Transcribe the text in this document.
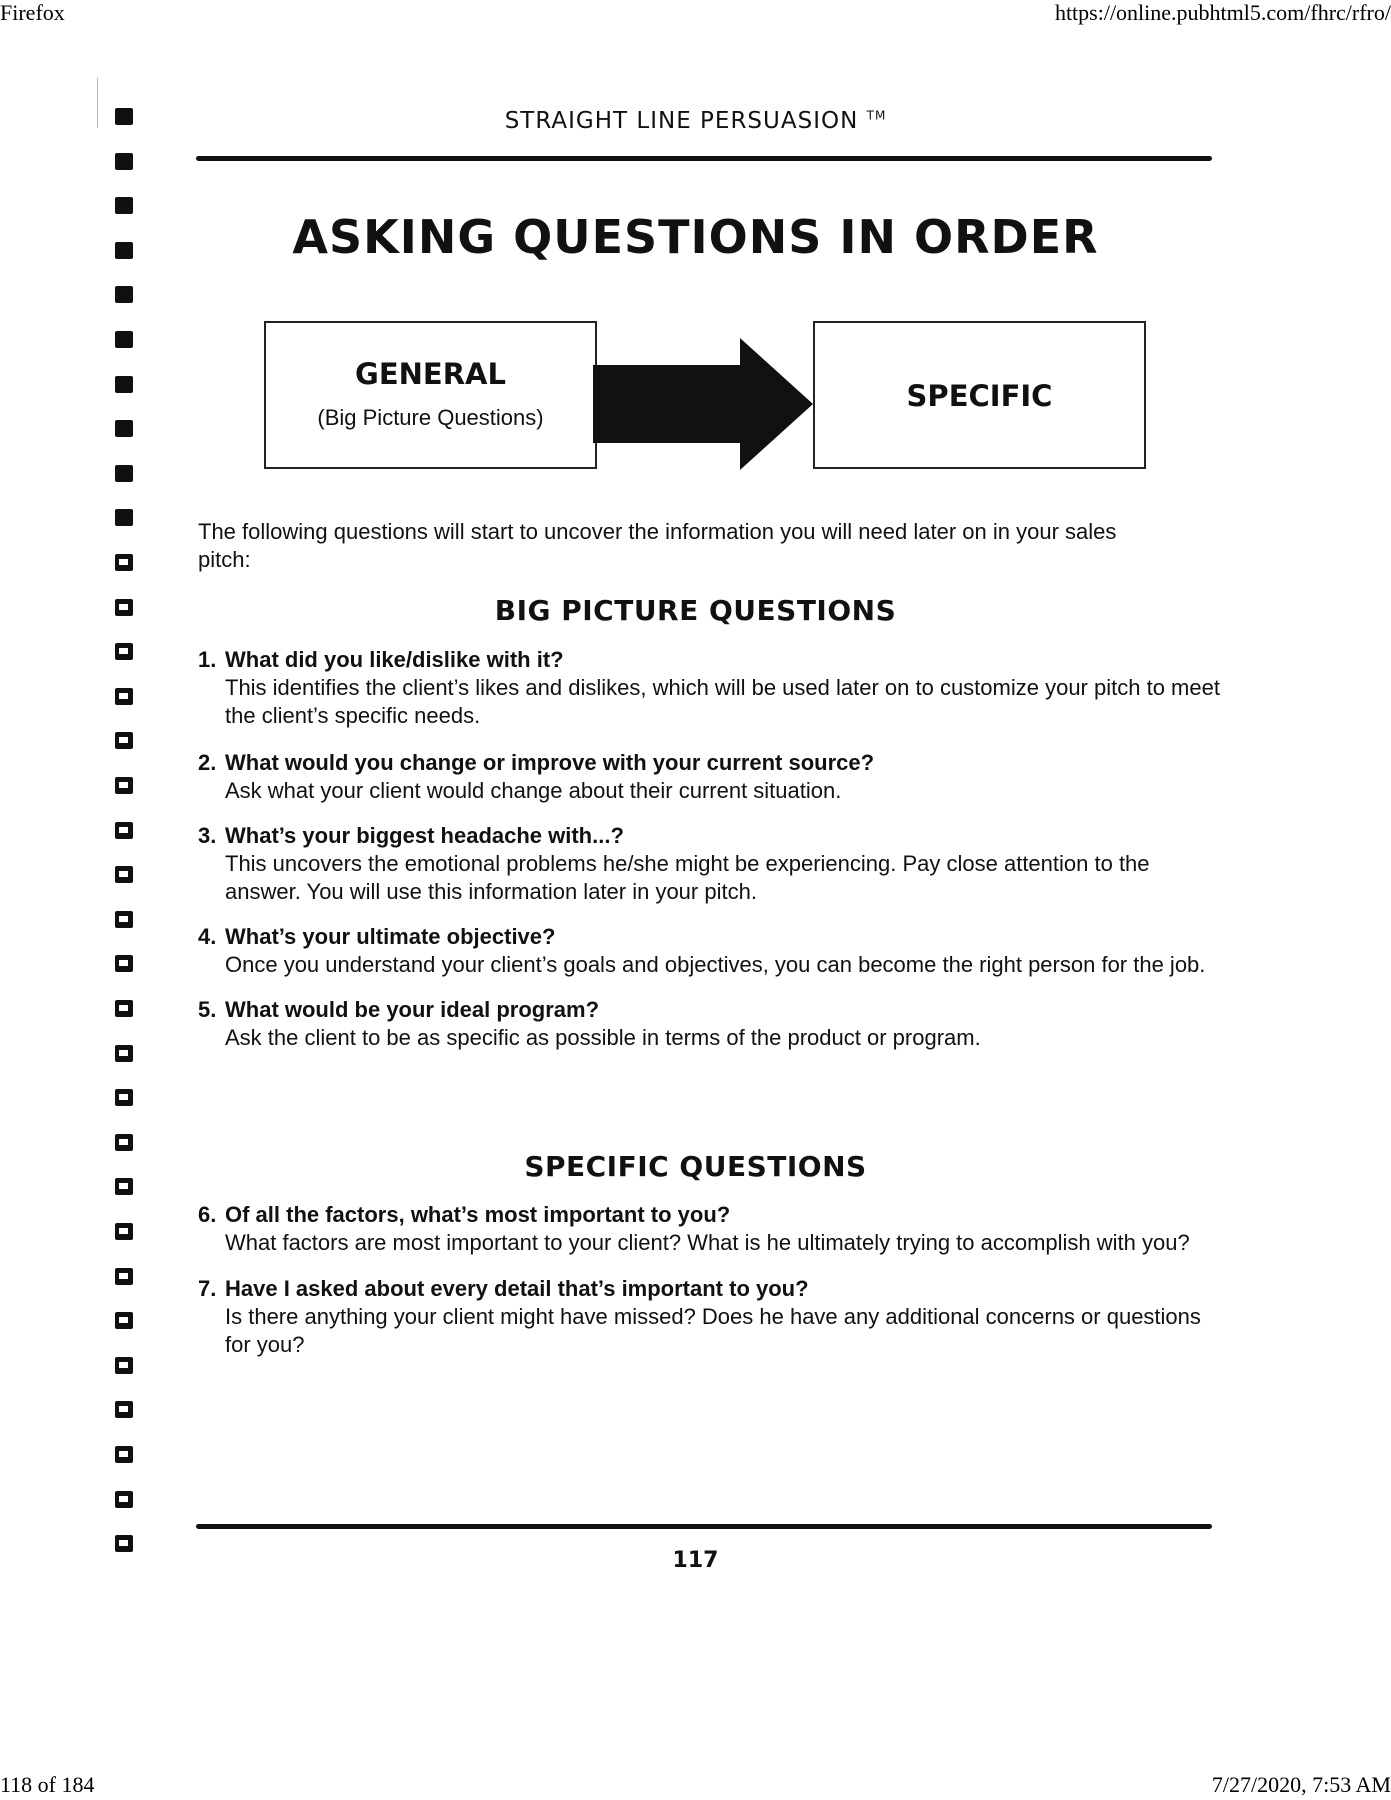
Firefox	https://online.pubhtml5.com/fhrc/rfro/
STRAIGHT LINE PERSUASION ™
ASKING QUESTIONS IN ORDER
GENERAL
(Big Picture Questions)
SPECIFIC
The following questions will start to uncover the information you will need later on in your sales pitch:
BIG PICTURE QUESTIONS
1. What did you like/dislike with it?
This identifies the client’s likes and dislikes, which will be used later on to customize your pitch to meet the client’s specific needs.
2. What would you change or improve with your current source?
Ask what your client would change about their current situation.
3. What’s your biggest headache with...?
This uncovers the emotional problems he/she might be experiencing. Pay close attention to the answer. You will use this information later in your pitch.
4. What’s your ultimate objective?
Once you understand your client’s goals and objectives, you can become the right person for the job.
5. What would be your ideal program?
Ask the client to be as specific as possible in terms of the product or program.
SPECIFIC QUESTIONS
6. Of all the factors, what’s most important to you?
What factors are most important to your client? What is he ultimately trying to accomplish with you?
7. Have I asked about every detail that’s important to you?
Is there anything your client might have missed? Does he have any additional concerns or questions for you?
117
118 of 184	7/27/2020, 7:53 AM
